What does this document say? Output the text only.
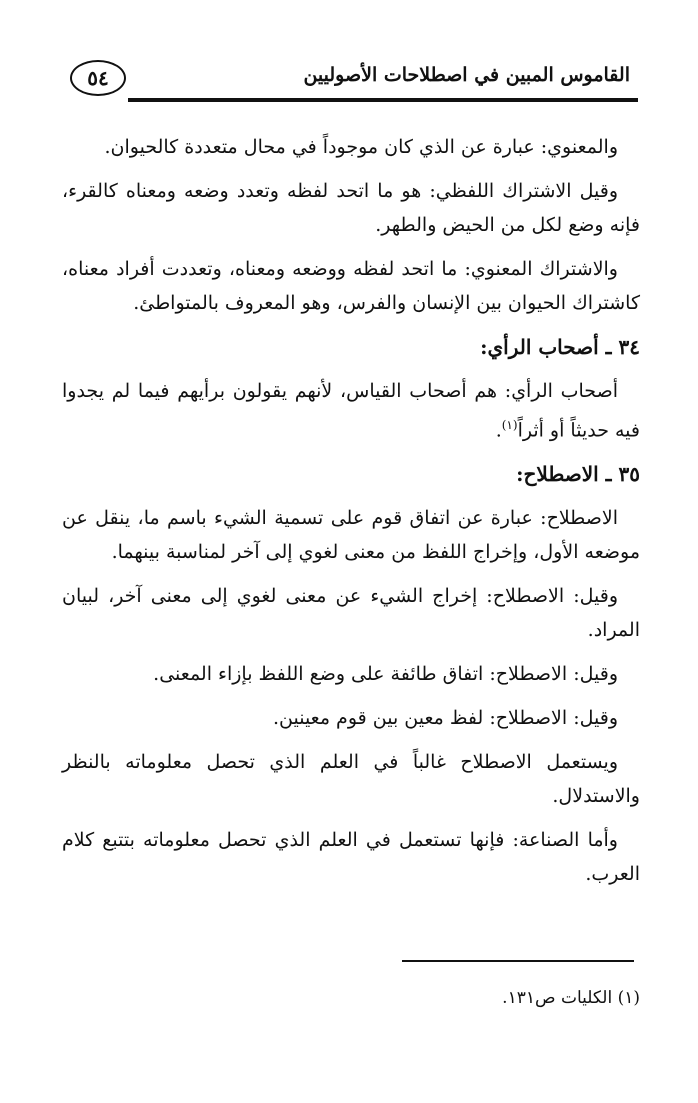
٥٤	القاموس المبين في اصطلاحات الأصوليين

والمعنوي: عبارة عن الذي كان موجوداً في محال متعددة كالحيوان.

وقيل الاشتراك اللفظي: هو ما اتحد لفظه وتعدد وضعه ومعناه كالقرء، فإنه وضع لكل من الحيض والطهر.

والاشتراك المعنوي: ما اتحد لفظه ووضعه ومعناه، وتعددت أفراد معناه، كاشتراك الحيوان بين الإنسان والفرس، وهو المعروف بالمتواطئ.

٣٤ ـ أصحاب الرأي:

أصحاب الرأي: هم أصحاب القياس، لأنهم يقولون برأيهم فيما لم يجدوا فيه حديثاً أو أثراً$^{(١)}$.

٣٥ ـ الاصطلاح:

الاصطلاح: عبارة عن اتفاق قوم على تسمية الشيء باسم ما، ينقل عن موضعه الأول، وإخراج اللفظ من معنى لغوي إلى آخر لمناسبة بينهما.

وقيل: الاصطلاح: إخراج الشيء عن معنى لغوي إلى معنى آخر، لبيان المراد.

وقيل: الاصطلاح: اتفاق طائفة على وضع اللفظ بإزاء المعنى.

وقيل: الاصطلاح: لفظ معين بين قوم معينين.

ويستعمل الاصطلاح غالباً في العلم الذي تحصل معلوماته بالنظر والاستدلال.

وأما الصناعة: فإنها تستعمل في العلم الذي تحصل معلوماته بتتبع كلام العرب.

(١) الكليات ص١٣١.
